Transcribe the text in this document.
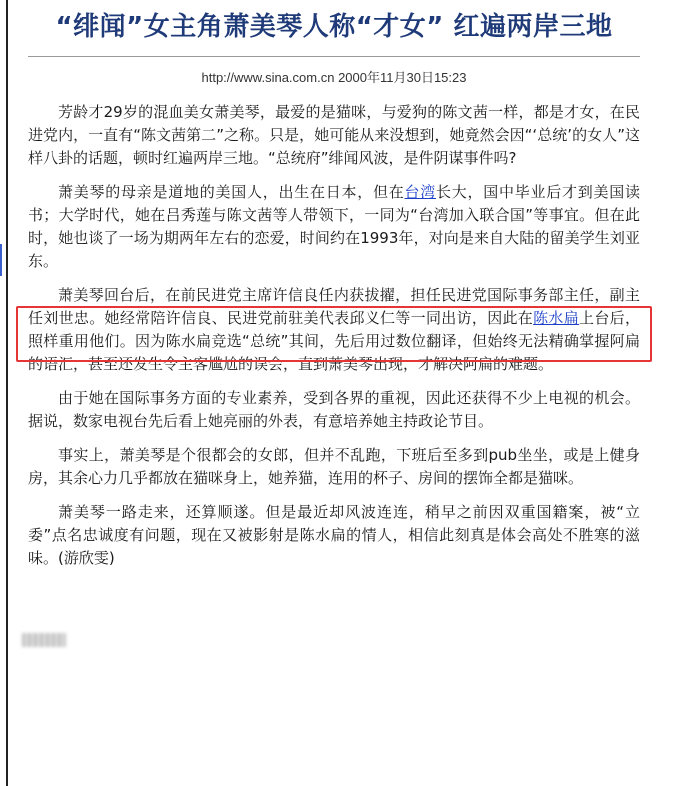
“绯闻”女主角萧美琴人称“才女” 红遍两岸三地
http://www.sina.com.cn 2000年11月30日15:23

芳龄才29岁的混血美女萧美琴，最爱的是猫咪，与爱狗的陈文茜一样，都是才女，在民进党内，一直有“陈文茜第二”之称。只是，她可能从来没想到，她竟然会因“‘总统’的女人”这样八卦的话题，顿时红遍两岸三地。“总统府”绯闻风波，是件阴谋事件吗?

萧美琴的母亲是道地的美国人，出生在日本，但在台湾长大，国中毕业后才到美国读书；大学时代，她在吕秀莲与陈文茜等人带领下，一同为“台湾加入联合国”等事宜。但在此时，她也谈了一场为期两年左右的恋爱，时间约在1993年，对向是来自大陆的留美学生刘亚东。

萧美琴回台后，在前民进党主席许信良任内获拔擢，担任民进党国际事务部主任，副主任刘世忠。她经常陪许信良、民进党前驻美代表邱义仁等一同出访，因此在陈水扁上台后，照样重用他们。因为陈水扁竞选“总统”其间，先后用过数位翻译，但始终无法精确掌握阿扁的语汇，甚至还发生令主客尴尬的误会，直到萧美琴出现，才解决阿扁的难题。

由于她在国际事务方面的专业素养，受到各界的重视，因此还获得不少上电视的机会。据说，数家电视台先后看上她亮丽的外表，有意培养她主持政论节目。

事实上，萧美琴是个很都会的女郎，但并不乱跑，下班后至多到pub坐坐，或是上健身房，其余心力几乎都放在猫咪身上，她养猫，连用的杯子、房间的摆饰全都是猫咪。

萧美琴一路走来，还算顺遂。但是最近却风波连连，稍早之前因双重国籍案，被“立委”点名忠诚度有问题，现在又被影射是陈水扁的情人，相信此刻真是体会高处不胜寒的滋味。(游欣雯)
